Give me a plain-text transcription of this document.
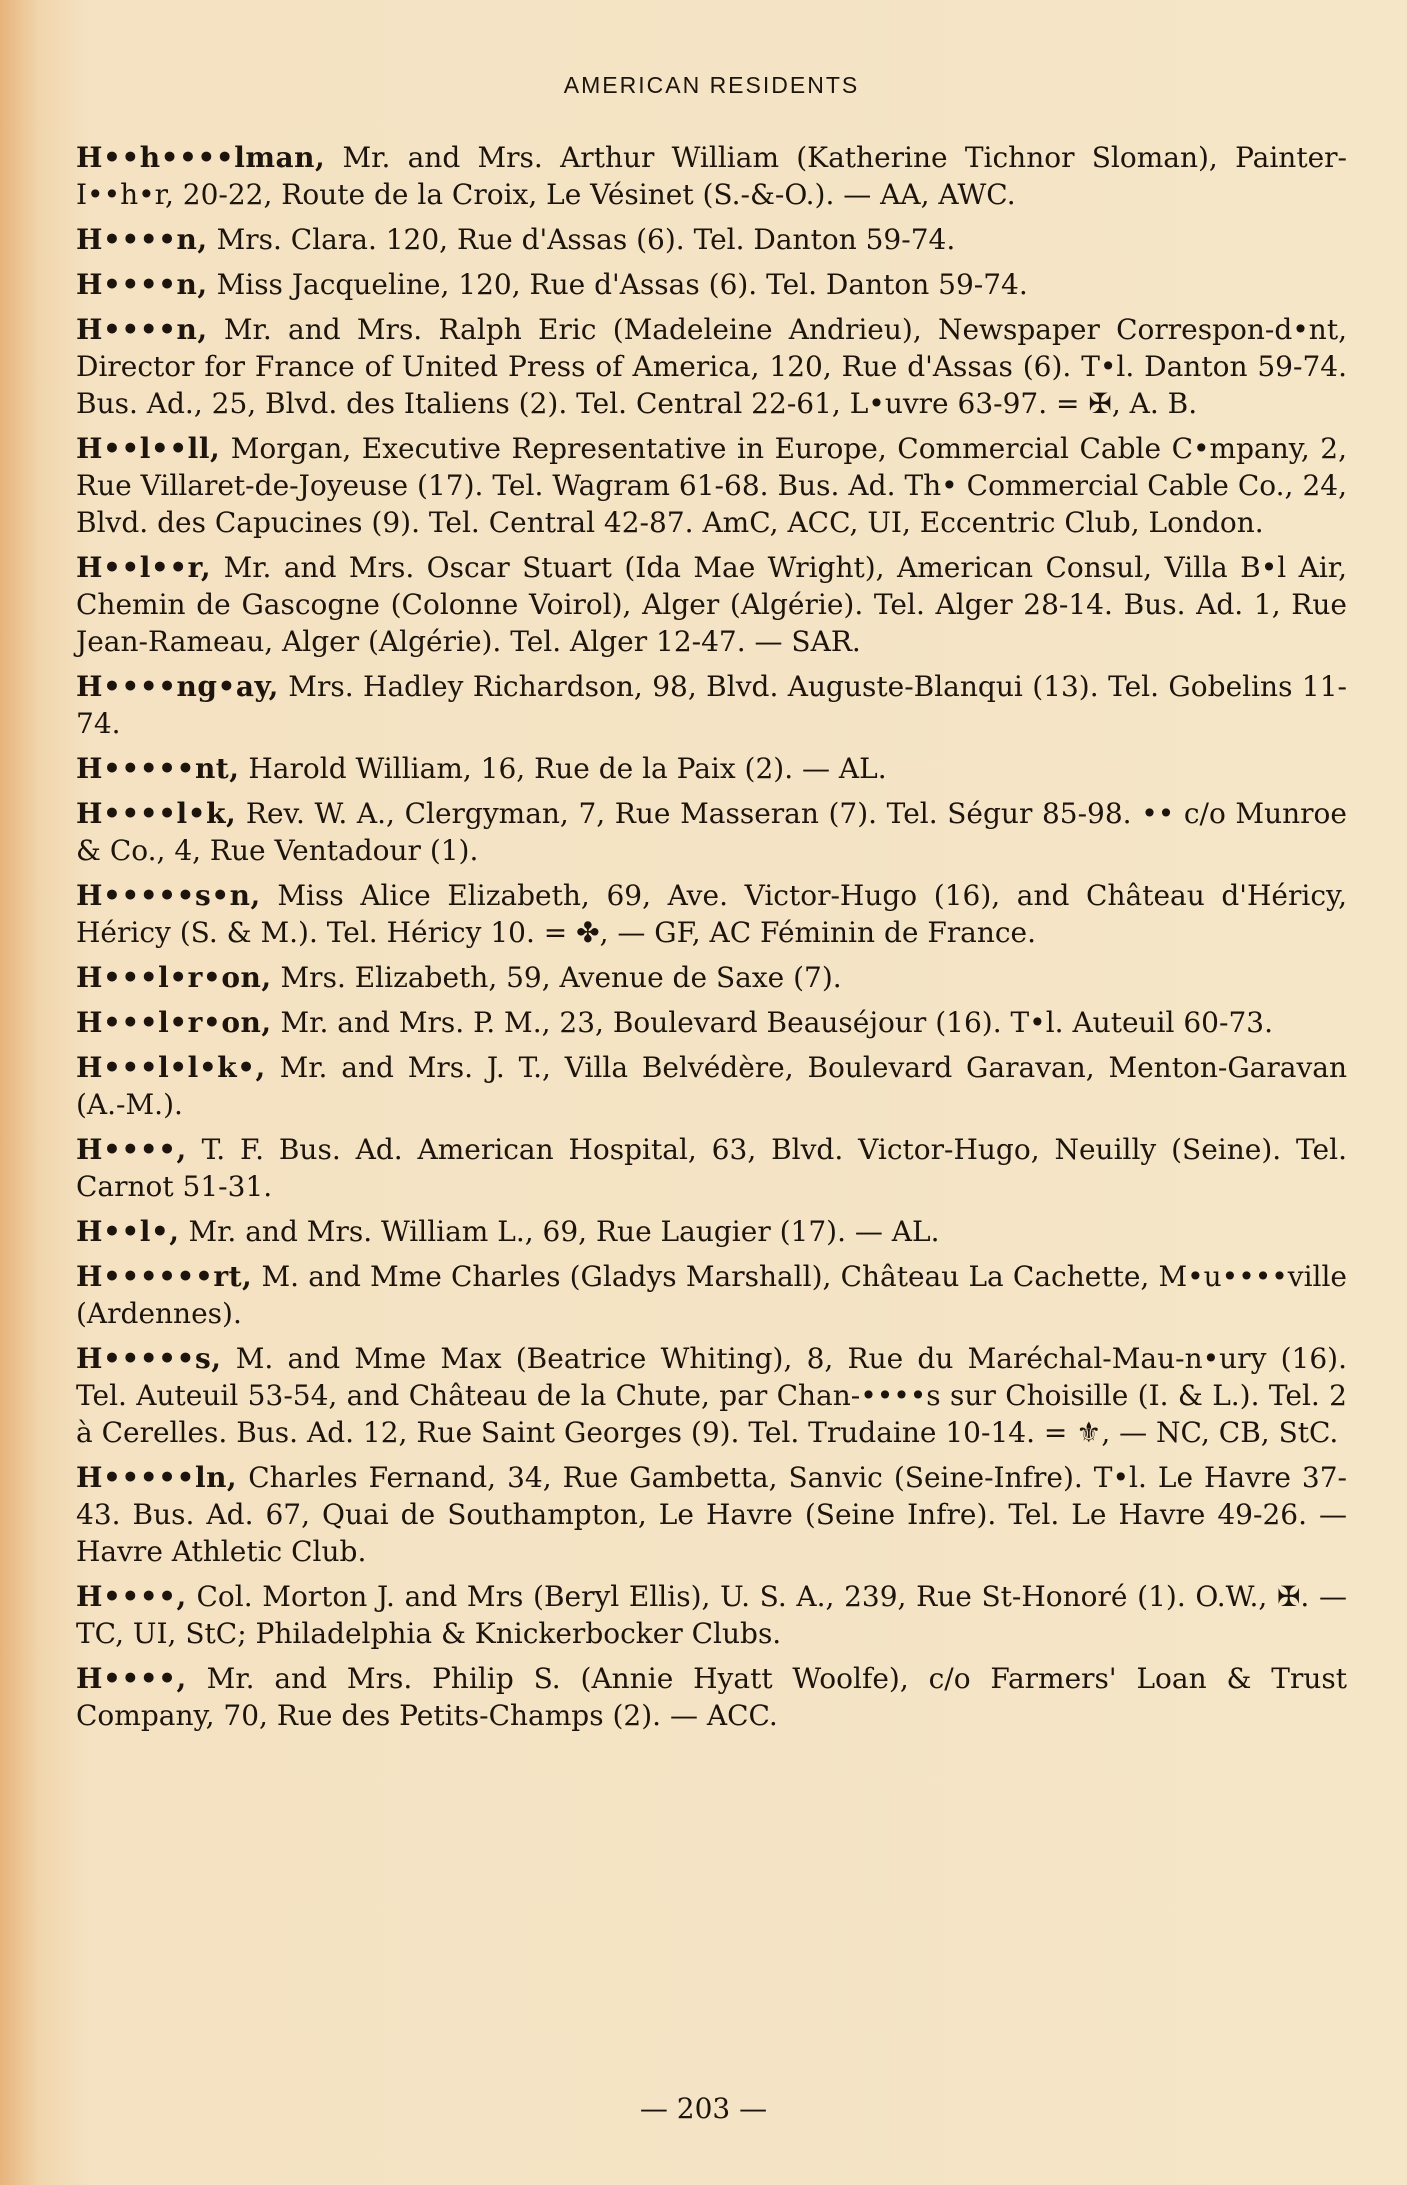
AMERICAN RESIDENTS

H••h••••lman, Mr. and Mrs. Arthur William (Katherine Tichnor Sloman), Painter-I••h•r, 20-22, Route de la Croix, Le Vésinet (S.-&-O.). — AA, AWC.

H••••n, Mrs. Clara. 120, Rue d'Assas (6). Tel. Danton 59-74.

H••••n, Miss Jacqueline, 120, Rue d'Assas (6). Tel. Danton 59-74.

H••••n, Mr. and Mrs. Ralph Eric (Madeleine Andrieu), Newspaper Correspon-d•nt, Director for France of United Press of America, 120, Rue d'Assas (6). T•l. Danton 59-74. Bus. Ad., 25, Blvd. des Italiens (2). Tel. Central 22-61, L•uvre 63-97. = ✠, A. B.

H••l••ll, Morgan, Executive Representative in Europe, Commercial Cable C•mpany, 2, Rue Villaret-de-Joyeuse (17). Tel. Wagram 61-68. Bus. Ad. Th• Commercial Cable Co., 24, Blvd. des Capucines (9). Tel. Central 42-87. AmC, ACC, UI, Eccentric Club, London.

H••l••r, Mr. and Mrs. Oscar Stuart (Ida Mae Wright), American Consul, Villa B•l Air, Chemin de Gascogne (Colonne Voirol), Alger (Algérie). Tel. Alger 28-14. Bus. Ad. 1, Rue Jean-Rameau, Alger (Algérie). Tel. Alger 12-47. — SAR.

H••••ng•ay, Mrs. Hadley Richardson, 98, Blvd. Auguste-Blanqui (13). Tel. Gobelins 11-74.

H•••••nt, Harold William, 16, Rue de la Paix (2). — AL.

H••••l•k, Rev. W. A., Clergyman, 7, Rue Masseran (7). Tel. Ségur 85-98. •• c/o Munroe & Co., 4, Rue Ventadour (1).

H•••••s•n, Miss Alice Elizabeth, 69, Ave. Victor-Hugo (16), and Château d'Héricy, Héricy (S. & M.). Tel. Héricy 10. = ✤, — GF, AC Féminin de France.

H•••l•r•on, Mrs. Elizabeth, 59, Avenue de Saxe (7).

H•••l•r•on, Mr. and Mrs. P. M., 23, Boulevard Beauséjour (16). T•l. Auteuil 60-73.

H•••l•l•k•, Mr. and Mrs. J. T., Villa Belvédère, Boulevard Garavan, Menton-Garavan (A.-M.).

H••••, T. F. Bus. Ad. American Hospital, 63, Blvd. Victor-Hugo, Neuilly (Seine). Tel. Carnot 51-31.

H••l•, Mr. and Mrs. William L., 69, Rue Laugier (17). — AL.

H••••••rt, M. and Mme Charles (Gladys Marshall), Château La Cachette, M•u••••ville (Ardennes).

H•••••s, M. and Mme Max (Beatrice Whiting), 8, Rue du Maréchal-Mau-n•ury (16). Tel. Auteuil 53-54, and Château de la Chute, par Chan-••••s sur Choisille (I. & L.). Tel. 2 à Cerelles. Bus. Ad. 12, Rue Saint Georges (9). Tel. Trudaine 10-14. = ⚜, — NC, CB, StC.

H•••••ln, Charles Fernand, 34, Rue Gambetta, Sanvic (Seine-Infre). T•l. Le Havre 37-43. Bus. Ad. 67, Quai de Southampton, Le Havre (Seine Infre). Tel. Le Havre 49-26. — Havre Athletic Club.

H••••, Col. Morton J. and Mrs (Beryl Ellis), U. S. A., 239, Rue St-Honoré (1). O.W., ✠. — TC, UI, StC; Philadelphia & Knickerbocker Clubs.

H••••, Mr. and Mrs. Philip S. (Annie Hyatt Woolfe), c/o Farmers' Loan & Trust Company, 70, Rue des Petits-Champs (2). — ACC.

— 203 —
